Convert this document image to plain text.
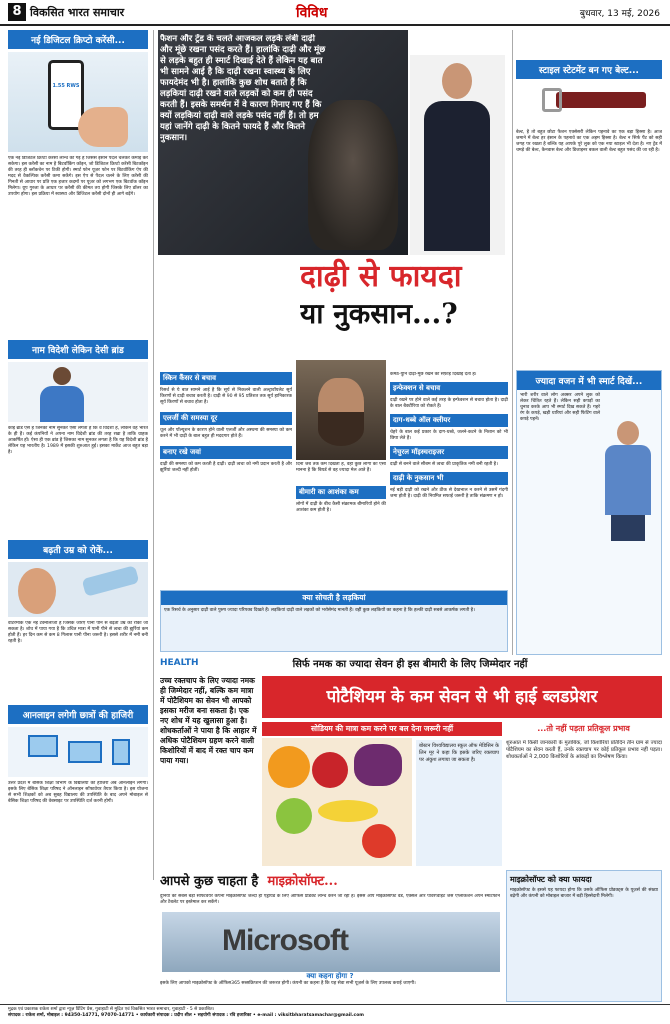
8 विकसित भारत समाचार	विविध	बुधवार, 13 मई, 2026
नई डिजिटल क्रिप्टो करेंसी...
1.55 RWS
एक नई डिजिटल क्रिप्टो करेंसी लॉन्च की गई है जिससे इंसान पैदल चलकर कमाई कर सकेगा। इस करेंसी का नाम है बिटवॉकिंग कॉइन, जो डिजिटल क्रिप्टो करेंसी बिटकॉइन की तरह ही ब्लॉकचेन पर टिकी होगी। स्मार्ट फोन यूज़र फोन पर बिटवॉकिंग ऐप की मदद से वैकल्पिक करेंसी कमा सकेंगे। इस ऐप से पैदल चलने के लिए करेंसी की गिनती से आधार पर प्रति एक हजार कदमों पर यूज़र को लगभग एक बिटवॉक कॉइन मिलेगा। ग्रूप गुरुता के आधार पर करेंसी की कीमत तय होगी जिसके लिए डॉलर का उपयोग होगा। इस प्रक्रिया में स्वास्थ्य और डिजिटल करेंसी दोनों ही आगे बढ़ेंगे।
नाम विदेशी लेकिन देसी ब्रांड
कोई ब्रांड ऐसे हैं जिनका नाम सुनकर ऐसा लगता है कि वे विदेशी हैं, लेकिन वहं भारत के ही हैं। कई कंपनियों ने अपना नाम विदेशी ब्रांड की तरह रखा है ताकि ग्राहक आकर्षित हों। ऐसा ही एक ब्रांड है जिसका नाम सुनकर लगता है कि यह विदेशी ब्रांड है लेकिन यह भारतीय है। 1989 में इसकी शुरुआत हुई। इसका मार्केट आज बहुत बड़ा है।
बढ़ती उम्र को रोकें...
वॉटरमार्क एक नई टेक्नोलॉजी है जिसके जरिए पानी पीने से बढ़ती उम्र को रोका जा सकता है। शोध में पाया गया है कि उचित मात्रा में पानी पीने से त्वचा की झुर्रियां कम होती हैं। हर दिन कम से कम 8 गिलास पानी पीना जरूरी है। इससे शरीर में नमी बनी रहती है।
आनलाइन लगेगी छात्रों की हाजिरी
उत्तर प्रदेश में बेसिक शिक्षा विभाग के विद्यालयों की हाजिरी अब ऑनलाइन लगेगी। इसके लिए बेसिक शिक्षा परिषद ने ऑनलाइन सॉफ्टवेयर तैयार किया है। इस योजना से सभी शिक्षकों को अब सुबह विद्यालय की उपस्थिति के बाद अपने मोबाइल से बेसिक शिक्षा परिषद की वेबसाइट पर उपस्थिति दर्ज करनी होगी।
फैशन और ट्रेंड के चलते आजकल लड़के लंबी दाढ़ी और मूंछे रखना पसंद करते हैं। हालांकि दाढ़ी और मूंछ से लड़के बहुत ही स्मार्ट दिखाई देते हैं लेकिन यह बात भी सामने आई है कि दाढ़ी रखना स्वास्थ्य के लिए फायदेमंद भी है। हालांकि कुछ शोध बताते हैं कि लड़कियां दाढ़ी रखने वाले लड़कों को कम ही पसंद करती हैं। इसके समर्थन में वे कारण गिनाए गए हैं कि क्यों लड़कियां दाढ़ी वाले लड़के पसंद नहीं हैं। तो हम यहां जानेंगे दाढ़ी के कितने फायदे हैं और कितने नुकसान।
दाढ़ी से फायदा
या नुकसान...?
स्किन कैंसर से बचाव
रिसर्च से ये बात सामने आई है कि सूर्य से निकलने वाली अल्ट्रावॉयलेट सूर्य किरणों से दाढ़ी बचाव करती है। दाढ़ी से 90 से 95 प्रतिशत तक सूर्य हानिकारक सूर्य किरणों से बचाव होता है।
एलर्जी की समस्या दूर
धूल और पॉल्यूशन के कारण होने वाली एलर्जी और अस्थमा की समस्या को कम करने में भी दाढ़ी के बाल बहुत ही मददगार होते हैं।
बनाए रखे जवां
दाढ़ी की समस्या को कम करती है दाढ़ी। दाढ़ी त्वचा को नमी प्रदान करती है और झुर्रियां जल्दी नहीं होतीं।
दिनों जब तक कम दिखती है, वहीं कुछ लोगों का ऐसा मानना है कि बियर्ड से वह ज्यादा मेल आते हैं।
बीमारी का आशंका कम
लोगों में दाढ़ी के बीच कैसी संक्रामक बीमारियों होने की आशंका कम होती है।
कर्मठ-युनि दाढ़ी-मूंछ रखने को सफ़ाई दिखाई देता है।
इन्फेक्शन से बचाव
दाढ़ी रखने पर होने वाले कई तरह के इन्फेक्शन से बचाव होता है। दाढ़ी के बाल बैक्टीरिया को रोकते हैं।
दाग-धब्बे ऑल क्लीयर
चेहरे के बाल कई प्रकार के दाग-धब्बे, जलने-कटने के निशान को भी छिपा लेते हैं।
नेचुरल मॉइस्चराइजर
दाढ़ी से बनने वाले सीबम से त्वचा की प्राकृतिक नमी बनी रहती है।
दाढ़ी के नुकसान भी
नई बड़ी दाढ़ी को रखने और ठीक से देखभाल न करने से उसमें गंदगी जमा होती है। दाढ़ी की नियमित सफाई जरूरी है ताकि संक्रमण न हो।
क्या सोचती है लड़कियां
एक रिसर्च के अनुसार दाढ़ी वाले पुरुष ज्यादा परिपक्व दिखते हैं। लड़कियां दाढ़ी वाले लड़कों को भरोसेमंद मानती हैं। वहीं कुछ लड़कियों का कहना है कि हल्की दाढ़ी सबसे आकर्षक लगती है।
स्टाइल स्टेटमेंट बन गए बेल्ट...
बेल्ट, है तो बहुत छोटा फैशन एक्सेसरी लेकिन पहनावे का एक बड़ा हिस्सा है। आज जमाने में बेल्ट हर इंसान के पहनावे का एक अहम हिस्सा है। बेल्ट न सिर्फ पैंट को सही जगह पर रखता है बल्कि यह आपके पूरे लुक को एक नया स्टाइल भी देता है। नए ट्रेंड में चमड़े की बेल्ट, कैनवास बेल्ट और डिजाइनर बकल वाली बेल्ट बहुत पसंद की जा रही है।
ज्यादा वजन में भी स्मार्ट दिखें...
भारी शरीर वाले लोग अक्सर अपने लुक को लेकर चिंतित रहते हैं। लेकिन सही कपड़ों का चुनाव करके आप भी स्मार्ट दिख सकते हैं। गहरे रंग के कपड़े, खड़ी धारियां और सही फिटिंग वाले कपड़े पहनें।
सिर्फ नमक का ज्यादा सेवन ही इस बीमारी के लिए जिम्मेदार नहीं
HEALTH
उच्च रक्तचाप के लिए ज्यादा नमक ही जिम्मेदार नहीं, बल्कि कम मात्रा में पोटैशियम का सेवन भी आपको इसका मरीज बना सकता है। एक नए शोध में यह खुलासा हुआ है। शोधकर्ताओं ने पाया है कि आहार में अधिक पोटैशियम ग्रहण करने वाली किशोरियों में बाद में रक्त चाप कम पाया गया।
पोटैशियम के कम सेवन से भी हाई ब्लडप्रेशर
सोडियम की मात्रा कम करने पर बल देना जरूरी नहीं	...तो नहीं पड़ता प्रतिकूल प्रभाव
बोस्टन विश्वविद्यालय स्कूल ऑफ मेडिसिन के लिन मूर ने कहा कि इसके जरिए रक्तचाप पर अंकुश लगाया जा सकता है।
शुरुआत में किसी जानकारी के मुताबिक, जो किशोरियां प्रतिदिन तीन ग्राम से ज्यादा पोटैशियम का सेवन करती हैं, उनके रक्तचाप पर कोई प्रतिकूल प्रभाव नहीं पड़ता। शोधकर्ताओं ने 2,000 किशोरियों के आंकड़ों का विश्लेषण किया।
आपसे कुछ चाहता है माइक्रोसॉफ्ट...
दुनिया की सबसे बड़ी सॉफ्टवेयर कंपनी माइक्रोसॉफ्ट जल्दी ही एंड्रॉयड के लिए ऑफिस प्रोडक्ट लॉन्च करने जा रही है। इससे आप माइक्रोसॉफ्ट वर्ड, एक्सेल और पॉवरप्वाइंट जैसे एप्लीकेशन अपने स्मार्टफोन और टैबलेट पर इस्तेमाल कर सकेंगे।
Microsoft
क्या कहना होगा ?
इसके लिए आपको माइक्रोसॉफ्ट के ऑफिस365 सब्सक्रिप्शन की जरूरत होगी। कंपनी का कहना है कि यह सेवा सभी यूज़र्स के लिए उपलब्ध कराई जाएगी।
माइक्रोसॉफ्ट को क्या फायदा
माइक्रोसॉफ्ट के इससे यह फायदा होगा कि उसके ऑफिस प्रोडक्ट्स के यूज़र्स की संख्या बढ़ेगी और कंपनी को मोबाइल बाजार में बड़ी हिस्सेदारी मिलेगी।
मुद्रक एवं प्रकाशक राकेश शर्मा द्वारा न्यूज़ प्रिंटिंग प्रेस, गुवाहाटी से मुद्रित एवं विकसित भारत समाचार, गुवाहाटी - 5 से प्रकाशित।
संपादक : राकेश शर्मा, मोबाइल : 94350-14771, 97070-14771 • कार्यकारी संपादक : प्रदीप शील • सहयोगी संपादक : रवि हजारिका • e-mail : viksitbharatsamachar@gmail.com
